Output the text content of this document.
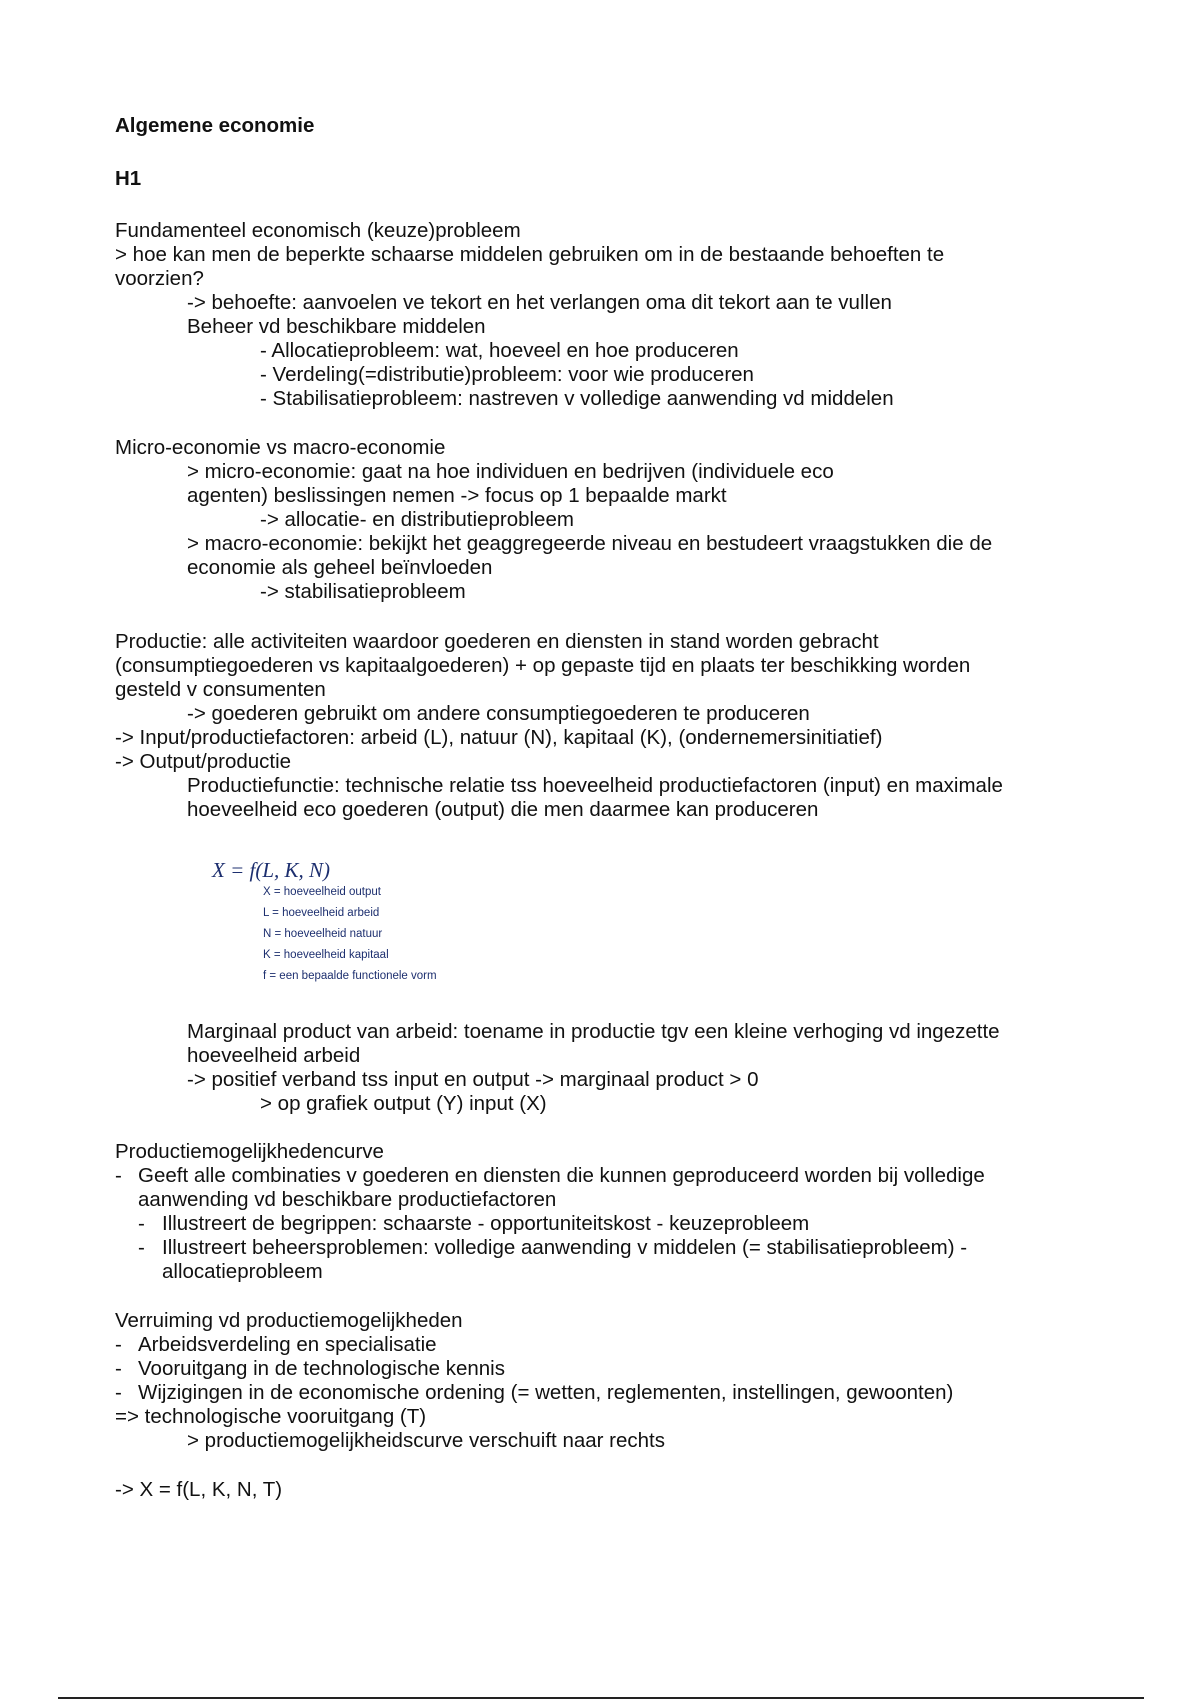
Algemene economie
H1
Fundamenteel economisch (keuze)probleem
> hoe kan men de beperkte schaarse middelen gebruiken om in de bestaande behoeften te
voorzien?
-> behoefte: aanvoelen ve tekort en het verlangen oma dit tekort aan te vullen
Beheer vd beschikbare middelen
- Allocatieprobleem: wat, hoeveel en hoe produceren
- Verdeling(=distributie)probleem: voor wie produceren
- Stabilisatieprobleem: nastreven v volledige aanwending vd middelen
Micro-economie vs macro-economie
> micro-economie: gaat na hoe individuen en bedrijven (individuele eco
agenten) beslissingen nemen -> focus op 1 bepaalde markt
-> allocatie- en distributieprobleem
> macro-economie: bekijkt het geaggregeerde niveau en bestudeert vraagstukken die de
economie als geheel beïnvloeden
-> stabilisatieprobleem
Productie: alle activiteiten waardoor goederen en diensten in stand worden gebracht
(consumptiegoederen vs kapitaalgoederen) + op gepaste tijd en plaats ter beschikking worden
gesteld v consumenten
-> goederen gebruikt om andere consumptiegoederen te produceren
-> Input/productiefactoren: arbeid (L), natuur (N), kapitaal (K), (ondernemersinitiatief)
-> Output/productie
Productiefunctie: technische relatie tss hoeveelheid productiefactoren (input) en maximale
hoeveelheid eco goederen (output) die men daarmee kan produceren
X = f(L, K, N)
X = hoeveelheid output
L = hoeveelheid arbeid
N = hoeveelheid natuur
K = hoeveelheid kapitaal
f = een bepaalde functionele vorm
Marginaal product van arbeid: toename in productie tgv een kleine verhoging vd ingezette
hoeveelheid arbeid
-> positief verband tss input en output -> marginaal product > 0
> op grafiek output (Y) input (X)
Productiemogelijkhedencurve
- Geeft alle combinaties v goederen en diensten die kunnen geproduceerd worden bij volledige
aanwending vd beschikbare productiefactoren
- Illustreert de begrippen: schaarste - opportuniteitskost - keuzeprobleem
- Illustreert beheersproblemen: volledige aanwending v middelen (= stabilisatieprobleem) -
allocatieprobleem
Verruiming vd productiemogelijkheden
- Arbeidsverdeling en specialisatie
- Vooruitgang in de technologische kennis
- Wijzigingen in de economische ordening (= wetten, reglementen, instellingen, gewoonten)
=> technologische vooruitgang (T)
> productiemogelijkheidscurve verschuift naar rechts
-> X = f(L, K, N, T)
